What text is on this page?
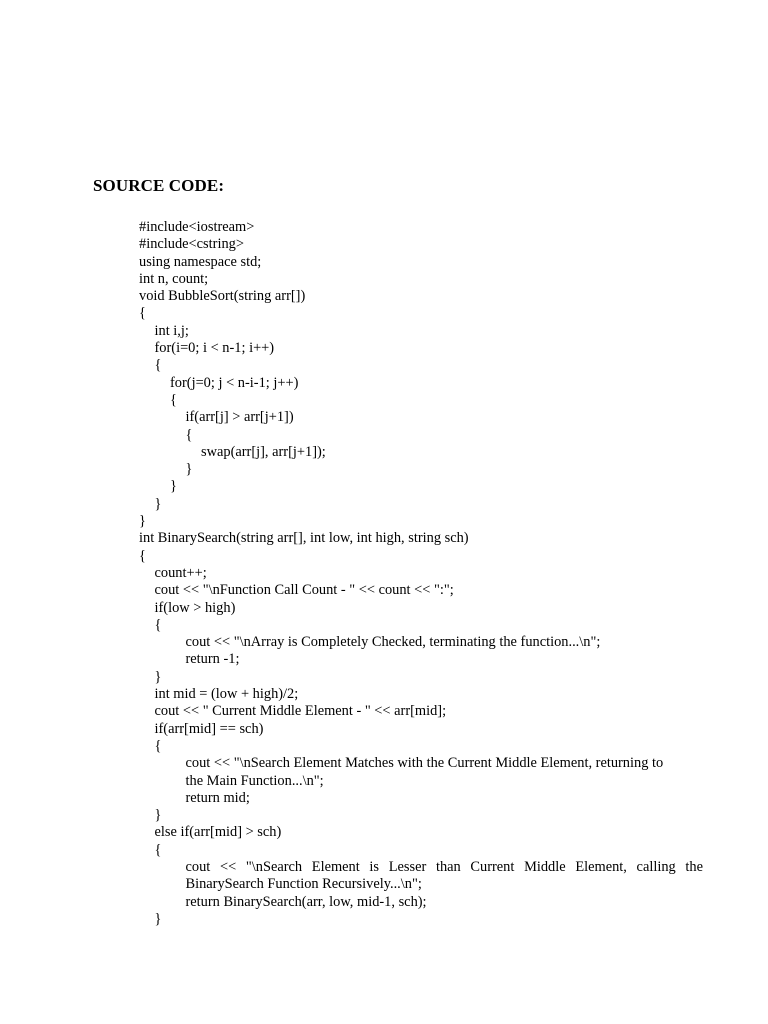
SOURCE CODE:
#include<iostream>
#include<cstring>
using namespace std;
int n, count;
void BubbleSort(string arr[])
{
int i,j;
for(i=0; i < n-1; i++)
{
for(j=0; j < n-i-1; j++)
{
if(arr[j] > arr[j+1])
{
swap(arr[j], arr[j+1]);
}
}
}
}
int BinarySearch(string arr[], int low, int high, string sch)
{
count++;
cout << "\nFunction Call Count - " << count << ":";
if(low > high)
{
cout << "\nArray is Completely Checked, terminating the function...\n";
return -1;
}
int mid = (low + high)/2;
cout << " Current Middle Element - " << arr[mid];
if(arr[mid] == sch)
{
cout << "\nSearch Element Matches with the Current Middle Element, returning to
the Main Function...\n";
return mid;
}
else if(arr[mid] > sch)
{
cout << "\nSearch Element is Lesser than Current Middle Element, calling the
BinarySearch Function Recursively...\n";
return BinarySearch(arr, low, mid-1, sch);
}
